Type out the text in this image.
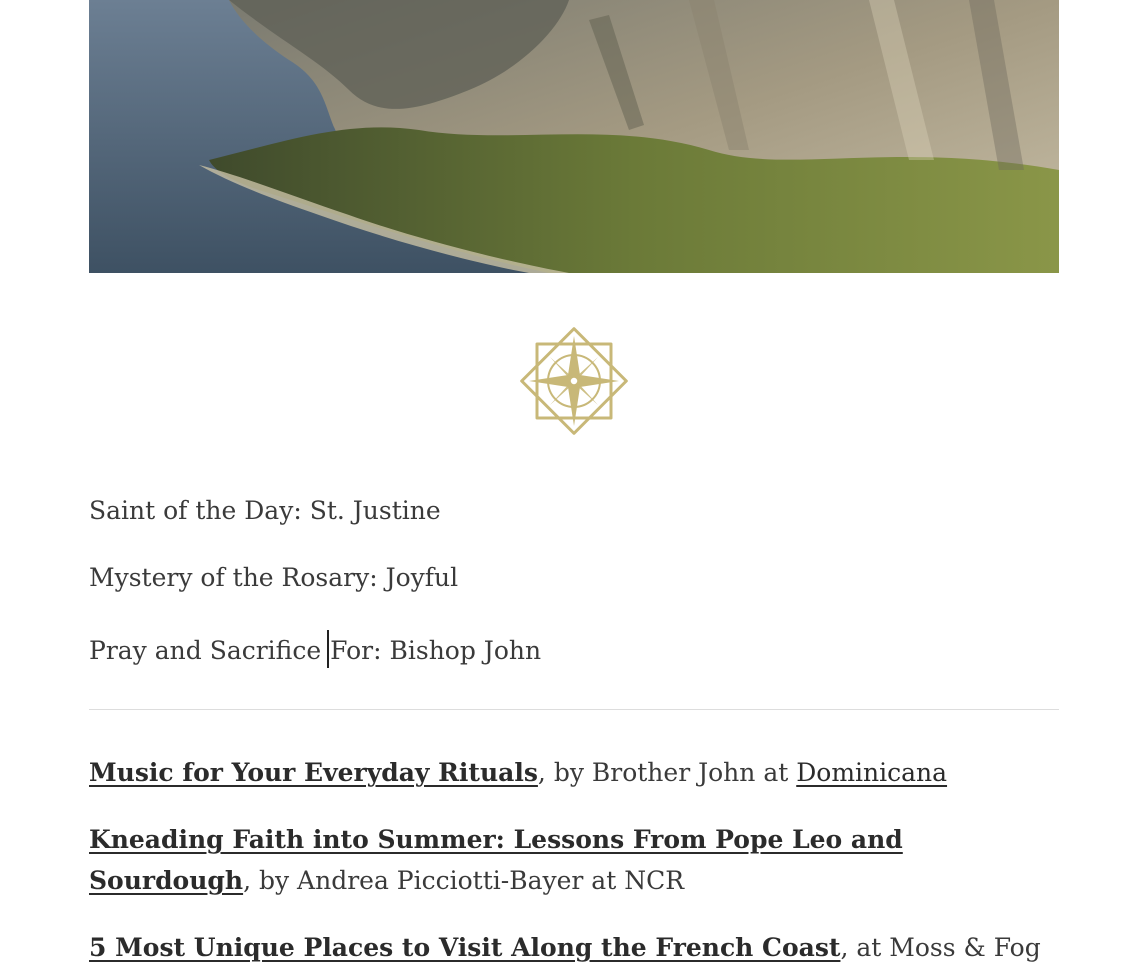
Saint of the Day: St. Justine
Mystery of the Rosary: Joyful
Pray and Sacrifice For: Bishop John
Music for Your Everyday Rituals, by Brother John at Dominicana
Kneading Faith into Summer: Lessons From Pope Leo and Sourdough, by Andrea Picciotti-Bayer at NCR
5 Most Unique Places to Visit Along the French Coast, at Moss & Fog
